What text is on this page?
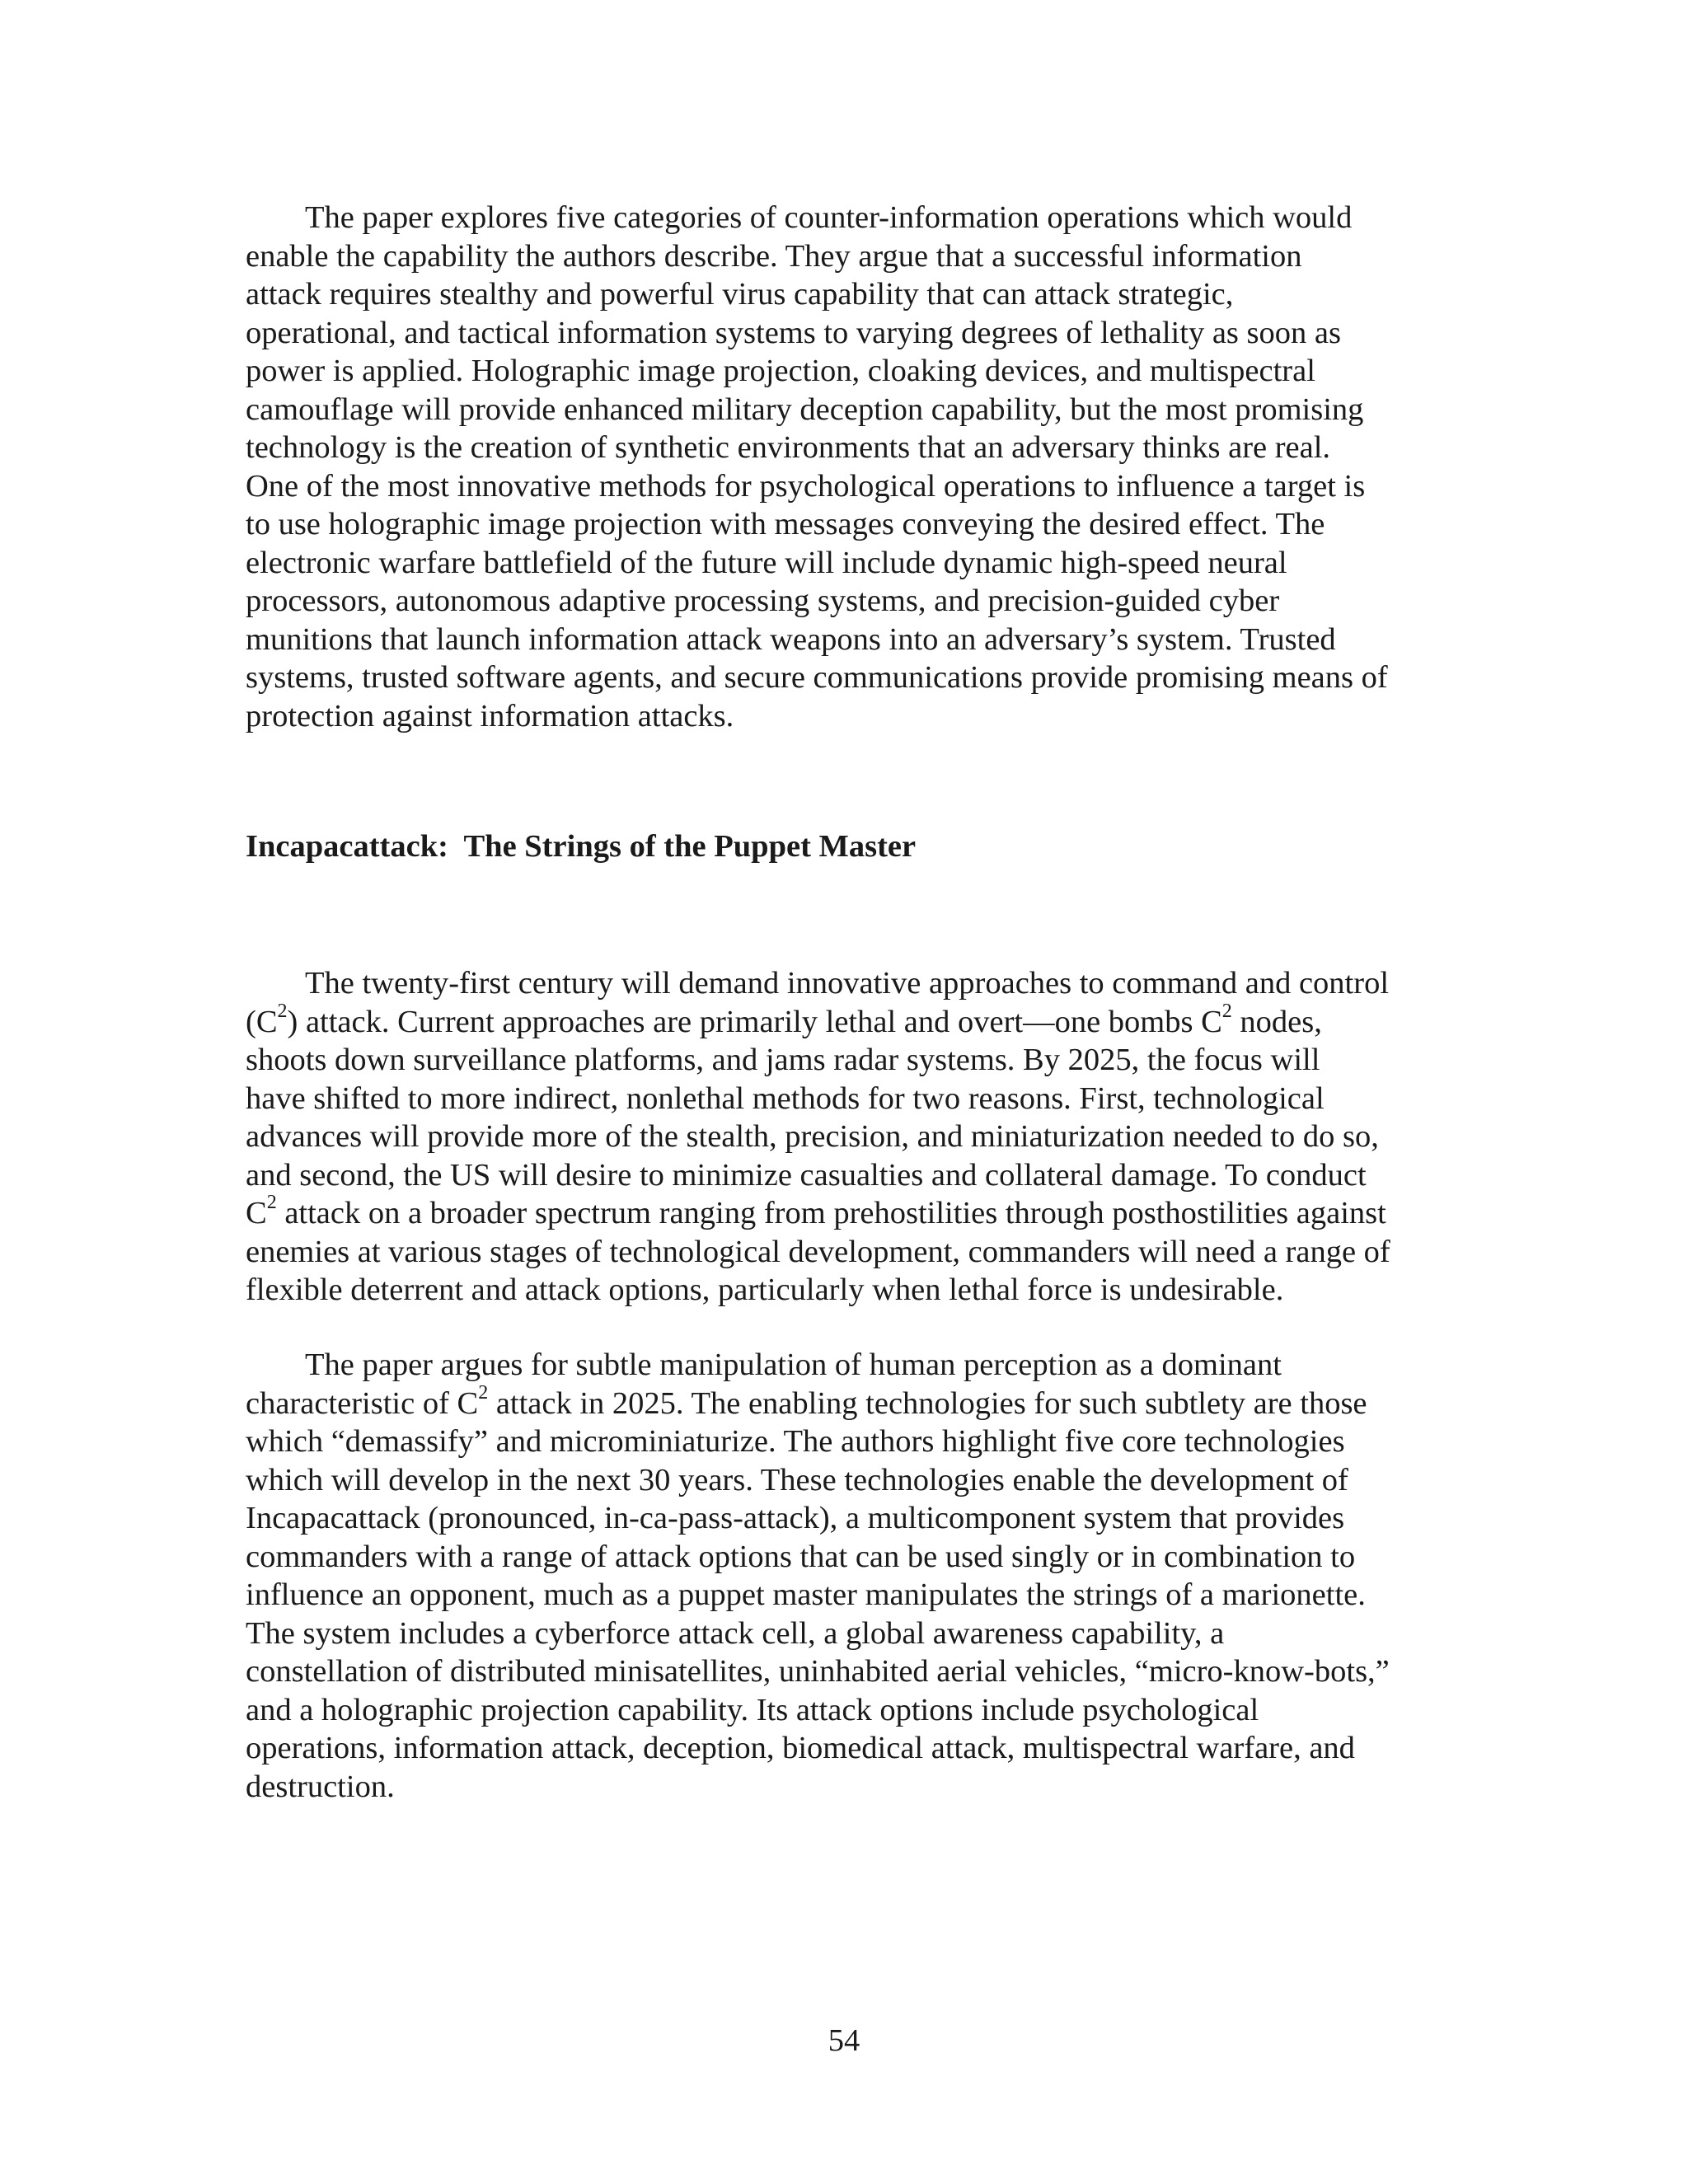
The paper explores five categories of counter-information operations which would
enable the capability the authors describe. They argue that a successful information
attack requires stealthy and powerful virus capability that can attack strategic,
operational, and tactical information systems to varying degrees of lethality as soon as
power is applied. Holographic image projection, cloaking devices, and multispectral
camouflage will provide enhanced military deception capability, but the most promising
technology is the creation of synthetic environments that an adversary thinks are real.
One of the most innovative methods for psychological operations to influence a target is
to use holographic image projection with messages conveying the desired effect. The
electronic warfare battlefield of the future will include dynamic high-speed neural
processors, autonomous adaptive processing systems, and precision-guided cyber
munitions that launch information attack weapons into an adversary’s system. Trusted
systems, trusted software agents, and secure communications provide promising means of
protection against information attacks.

Incapacattack:  The Strings of the Puppet Master

The twenty-first century will demand innovative approaches to command and control
$(C^2)$ attack. Current approaches are primarily lethal and overt—one bombs $C^2$ nodes,
shoots down surveillance platforms, and jams radar systems. By 2025, the focus will
have shifted to more indirect, nonlethal methods for two reasons. First, technological
advances will provide more of the stealth, precision, and miniaturization needed to do so,
and second, the US will desire to minimize casualties and collateral damage. To conduct
$C^2$ attack on a broader spectrum ranging from prehostilities through posthostilities against
enemies at various stages of technological development, commanders will need a range of
flexible deterrent and attack options, particularly when lethal force is undesirable.

The paper argues for subtle manipulation of human perception as a dominant
characteristic of $C^2$ attack in 2025. The enabling technologies for such subtlety are those
which “demassify” and microminiaturize. The authors highlight five core technologies
which will develop in the next 30 years. These technologies enable the development of
Incapacattack (pronounced, in-ca-pass-attack), a multicomponent system that provides
commanders with a range of attack options that can be used singly or in combination to
influence an opponent, much as a puppet master manipulates the strings of a marionette.
The system includes a cyberforce attack cell, a global awareness capability, a
constellation of distributed minisatellites, uninhabited aerial vehicles, “micro-know-bots,”
and a holographic projection capability. Its attack options include psychological
operations, information attack, deception, biomedical attack, multispectral warfare, and
destruction.

54
